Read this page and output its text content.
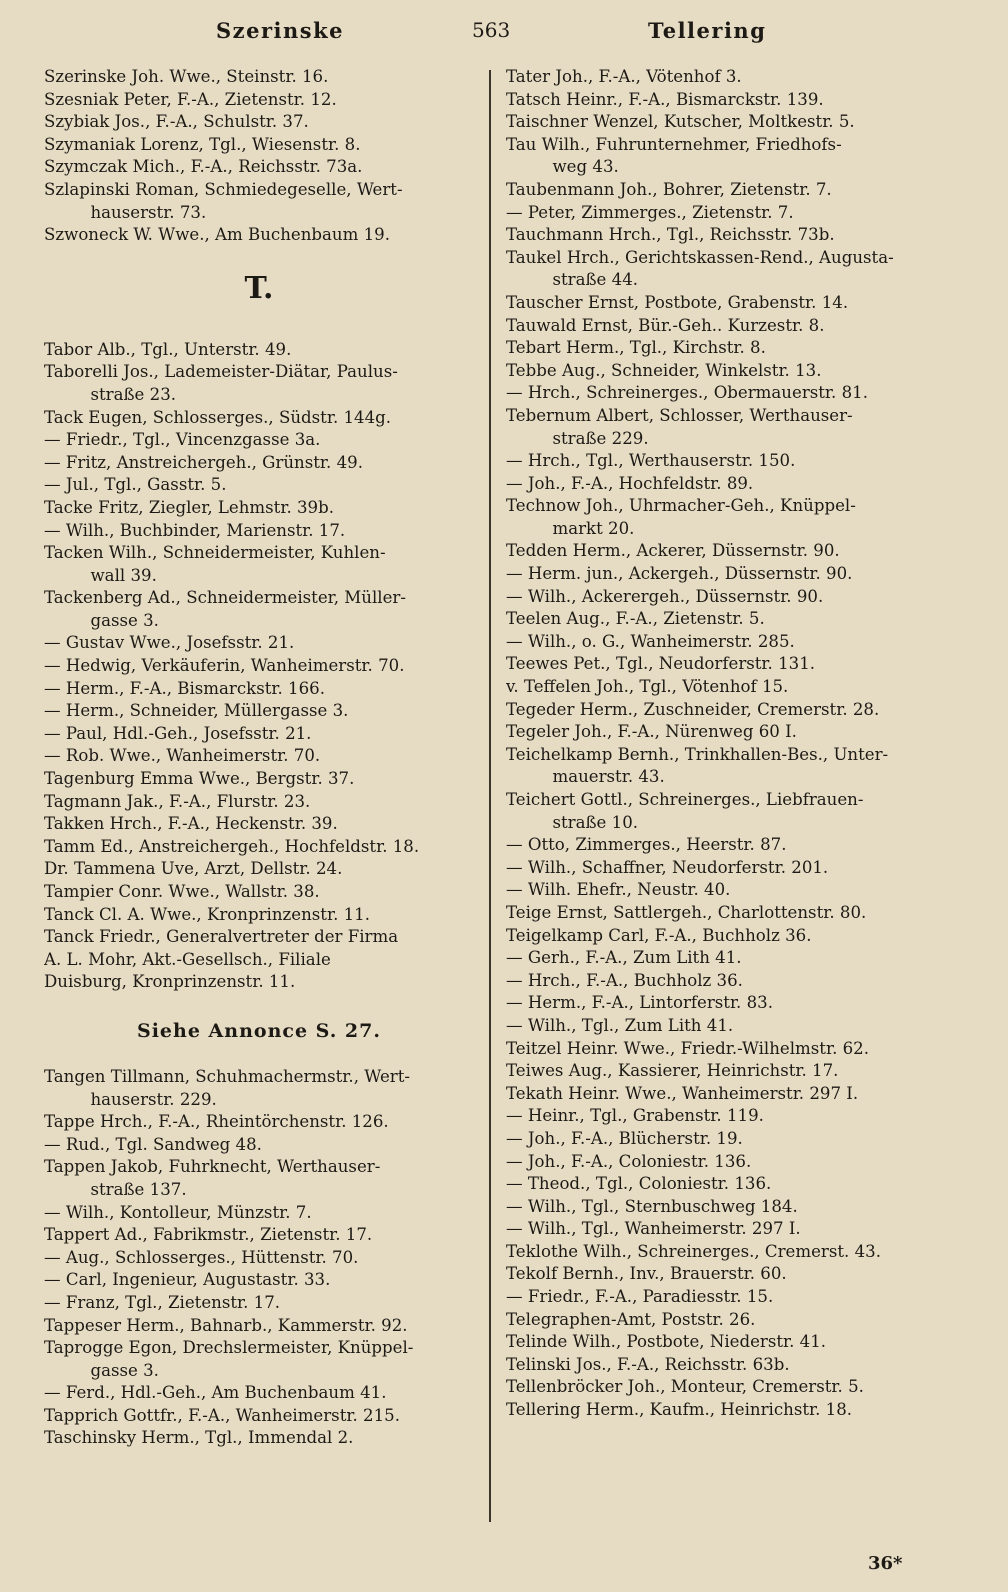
Szerinske	563	Tellering
Szerinske Joh. Wwe., Steinstr. 16.
Szesniak Peter, F.-A., Zietenstr. 12.
Szybiak Jos., F.-A., Schulstr. 37.
Szymaniak Lorenz, Tgl., Wiesenstr. 8.
Szymczak Mich., F.-A., Reichsstr. 73a.
Szlapinski Roman, Schmiedegeselle, Wert-
hauserstr. 73.
Szwoneck W. Wwe., Am Buchenbaum 19.
T.
Tabor Alb., Tgl., Unterstr. 49.
Taborelli Jos., Lademeister-Diätar, Paulus-
straße 23.
Tack Eugen, Schlosserges., Südstr. 144g.
— Friedr., Tgl., Vincenzgasse 3a.
— Fritz, Anstreichergeh., Grünstr. 49.
— Jul., Tgl., Gasstr. 5.
Tacke Fritz, Ziegler, Lehmstr. 39b.
— Wilh., Buchbinder, Marienstr. 17.
Tacken Wilh., Schneidermeister, Kuhlen-
wall 39.
Tackenberg Ad., Schneidermeister, Müller-
gasse 3.
— Gustav Wwe., Josefsstr. 21.
— Hedwig, Verkäuferin, Wanheimerstr. 70.
— Herm., F.-A., Bismarckstr. 166.
— Herm., Schneider, Müllergasse 3.
— Paul, Hdl.-Geh., Josefsstr. 21.
— Rob. Wwe., Wanheimerstr. 70.
Tagenburg Emma Wwe., Bergstr. 37.
Tagmann Jak., F.-A., Flurstr. 23.
Takken Hrch., F.-A., Heckenstr. 39.
Tamm Ed., Anstreichergeh., Hochfeldstr. 18.
Dr. Tammena Uve, Arzt, Dellstr. 24.
Tampier Conr. Wwe., Wallstr. 38.
Tanck Cl. A. Wwe., Kronprinzenstr. 11.
Tanck Friedr., Generalvertreter der Firma
A. L. Mohr, Akt.-Gesellsch., Filiale
Duisburg, Kronprinzenstr. 11.
Siehe Annonce S. 27.
Tangen Tillmann, Schuhmachermstr., Wert-
hauserstr. 229.
Tappe Hrch., F.-A., Rheintörchenstr. 126.
— Rud., Tgl. Sandweg 48.
Tappen Jakob, Fuhrknecht, Werthauser-
straße 137.
— Wilh., Kontolleur, Münzstr. 7.
Tappert Ad., Fabrikmstr., Zietenstr. 17.
— Aug., Schlosserges., Hüttenstr. 70.
— Carl, Ingenieur, Augustastr. 33.
— Franz, Tgl., Zietenstr. 17.
Tappeser Herm., Bahnarb., Kammerstr. 92.
Taprogge Egon, Drechslermeister, Knüppel-
gasse 3.
— Ferd., Hdl.-Geh., Am Buchenbaum 41.
Tapprich Gottfr., F.-A., Wanheimerstr. 215.
Taschinsky Herm., Tgl., Immendal 2.
Tater Joh., F.-A., Vötenhof 3.
Tatsch Heinr., F.-A., Bismarckstr. 139.
Taischner Wenzel, Kutscher, Moltkestr. 5.
Tau Wilh., Fuhrunternehmer, Friedhofs-
weg 43.
Taubenmann Joh., Bohrer, Zietenstr. 7.
— Peter, Zimmerges., Zietenstr. 7.
Tauchmann Hrch., Tgl., Reichsstr. 73b.
Taukel Hrch., Gerichtskassen-Rend., Augusta-
straße 44.
Tauscher Ernst, Postbote, Grabenstr. 14.
Tauwald Ernst, Bür.-Geh.. Kurzestr. 8.
Tebart Herm., Tgl., Kirchstr. 8.
Tebbe Aug., Schneider, Winkelstr. 13.
— Hrch., Schreinerges., Obermauerstr. 81.
Tebernum Albert, Schlosser, Werthauser-
straße 229.
— Hrch., Tgl., Werthauserstr. 150.
— Joh., F.-A., Hochfeldstr. 89.
Technow Joh., Uhrmacher-Geh., Knüppel-
markt 20.
Tedden Herm., Ackerer, Düssernstr. 90.
— Herm. jun., Ackergeh., Düssernstr. 90.
— Wilh., Ackerergeh., Düssernstr. 90.
Teelen Aug., F.-A., Zietenstr. 5.
— Wilh., o. G., Wanheimerstr. 285.
Teewes Pet., Tgl., Neudorferstr. 131.
v. Teffelen Joh., Tgl., Vötenhof 15.
Tegeder Herm., Zuschneider, Cremerstr. 28.
Tegeler Joh., F.-A., Nürenweg 60 I.
Teichelkamp Bernh., Trinkhallen-Bes., Unter-
mauerstr. 43.
Teichert Gottl., Schreinerges., Liebfrauen-
straße 10.
— Otto, Zimmerges., Heerstr. 87.
— Wilh., Schaffner, Neudorferstr. 201.
— Wilh. Ehefr., Neustr. 40.
Teige Ernst, Sattlergeh., Charlottenstr. 80.
Teigelkamp Carl, F.-A., Buchholz 36.
— Gerh., F.-A., Zum Lith 41.
— Hrch., F.-A., Buchholz 36.
— Herm., F.-A., Lintorferstr. 83.
— Wilh., Tgl., Zum Lith 41.
Teitzel Heinr. Wwe., Friedr.-Wilhelmstr. 62.
Teiwes Aug., Kassierer, Heinrichstr. 17.
Tekath Heinr. Wwe., Wanheimerstr. 297 I.
— Heinr., Tgl., Grabenstr. 119.
— Joh., F.-A., Blücherstr. 19.
— Joh., F.-A., Coloniestr. 136.
— Theod., Tgl., Coloniestr. 136.
— Wilh., Tgl., Sternbuschweg 184.
— Wilh., Tgl., Wanheimerstr. 297 I.
Teklothe Wilh., Schreinerges., Cremerst. 43.
Tekolf Bernh., Inv., Brauerstr. 60.
— Friedr., F.-A., Paradiesstr. 15.
Telegraphen-Amt, Poststr. 26.
Telinde Wilh., Postbote, Niederstr. 41.
Telinski Jos., F.-A., Reichsstr. 63b.
Tellenbröcker Joh., Monteur, Cremerstr. 5.
Tellering Herm., Kaufm., Heinrichstr. 18.
36*
